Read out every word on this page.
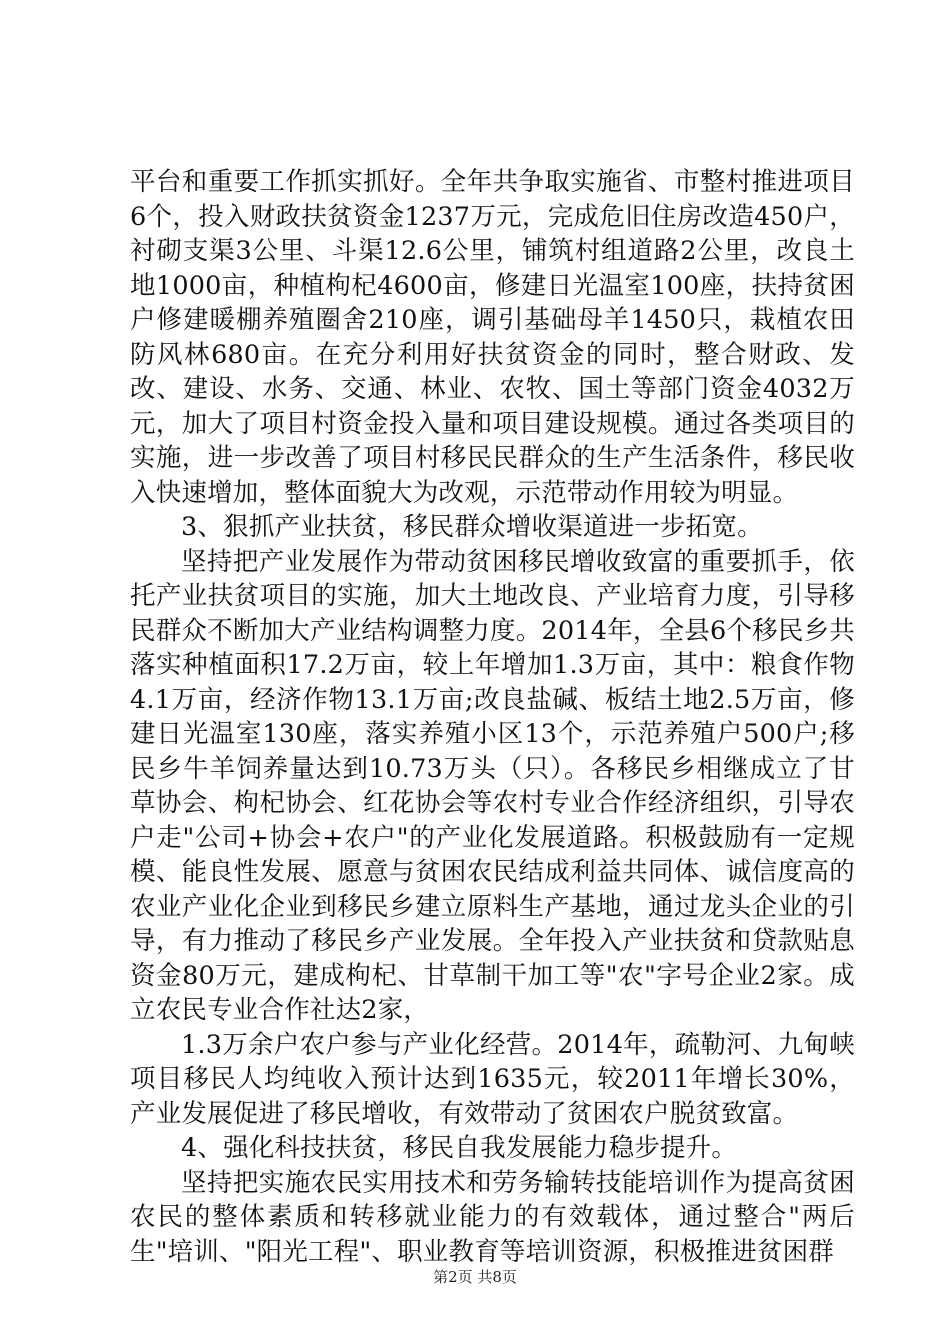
平台和重要工作抓实抓好。全年共争取实施省、市整村推进项目6个，投入财政扶贫资金1237万元，完成危旧住房改造450户，衬砌支渠3公里、斗渠12.6公里，铺筑村组道路2公里，改良土地1000亩，种植枸杞4600亩，修建日光温室100座，扶持贫困户修建暖棚养殖圈舍210座，调引基础母羊1450只，栽植农田防风林680亩。在充分利用好扶贫资金的同时，整合财政、发改、建设、水务、交通、林业、农牧、国土等部门资金4032万元，加大了项目村资金投入量和项目建设规模。通过各类项目的实施，进一步改善了项目村移民民群众的生产生活条件，移民收入快速增加，整体面貌大为改观，示范带动作用较为明显。

3、狠抓产业扶贫，移民群众增收渠道进一步拓宽。

坚持把产业发展作为带动贫困移民增收致富的重要抓手，依托产业扶贫项目的实施，加大土地改良、产业培育力度，引导移民群众不断加大产业结构调整力度。2014年，全县6个移民乡共落实种植面积17.2万亩，较上年增加1.3万亩，其中：粮食作物4.1万亩，经济作物13.1万亩;改良盐碱、板结土地2.5万亩，修建日光温室130座，落实养殖小区13个，示范养殖户500户;移民乡牛羊饲养量达到10.73万头（只）。各移民乡相继成立了甘草协会、枸杞协会、红花协会等农村专业合作经济组织，引导农户走"公司+协会+农户"的产业化发展道路。积极鼓励有一定规模、能良性发展、愿意与贫困农民结成利益共同体、诚信度高的农业产业化企业到移民乡建立原料生产基地，通过龙头企业的引导，有力推动了移民乡产业发展。全年投入产业扶贫和贷款贴息资金80万元，建成枸杞、甘草制干加工等"农"字号企业2家。成立农民专业合作社达2家，

1.3万余户农户参与产业化经营。2014年，疏勒河、九甸峡项目移民人均纯收入预计达到1635元，较2011年增长30%，产业发展促进了移民增收，有效带动了贫困农户脱贫致富。

4、强化科技扶贫，移民自我发展能力稳步提升。

坚持把实施农民实用技术和劳务输转技能培训作为提高贫困农民的整体素质和转移就业能力的有效载体，通过整合"两后生"培训、"阳光工程"、职业教育等培训资源，积极推进贫困群

第2页 共8页
